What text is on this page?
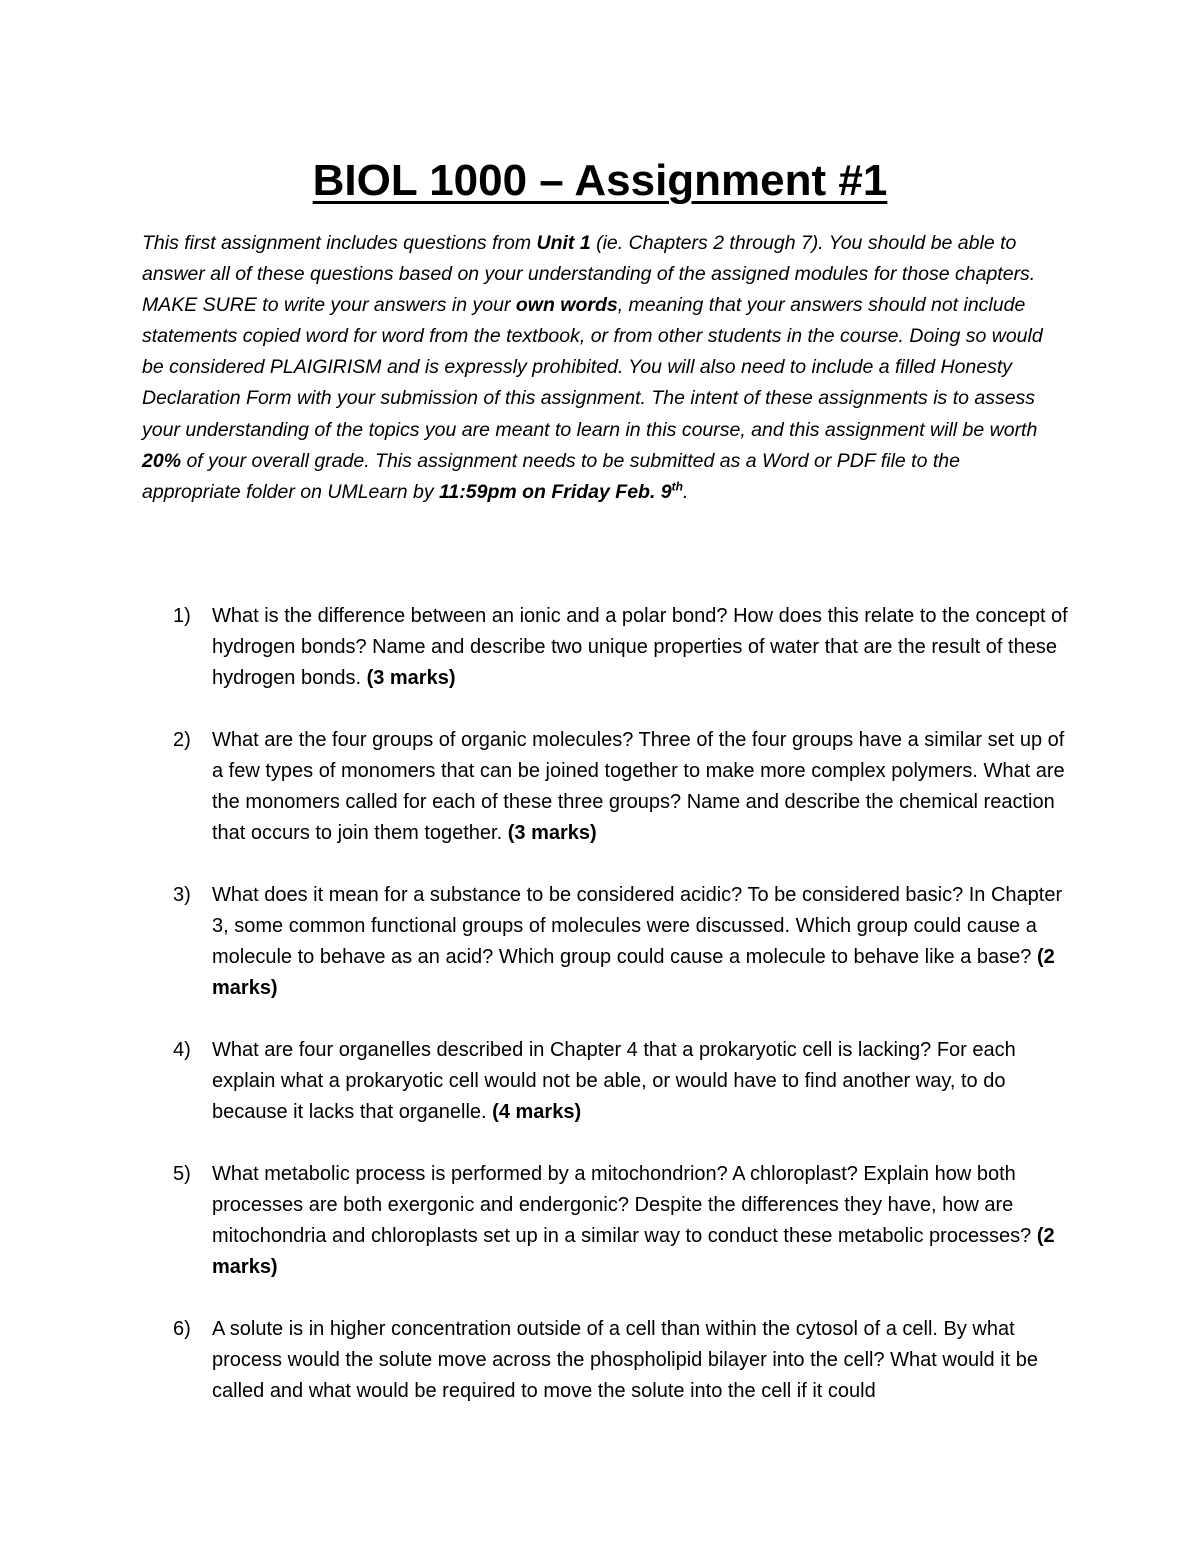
BIOL 1000 – Assignment #1

This first assignment includes questions from Unit 1 (ie. Chapters 2 through 7). You should be able to answer all of these questions based on your understanding of the assigned modules for those chapters. MAKE SURE to write your answers in your own words, meaning that your answers should not include statements copied word for word from the textbook, or from other students in the course. Doing so would be considered PLAIGIRISM and is expressly prohibited. You will also need to include a filled Honesty Declaration Form with your submission of this assignment. The intent of these assignments is to assess your understanding of the topics you are meant to learn in this course, and this assignment will be worth 20% of your overall grade. This assignment needs to be submitted as a Word or PDF file to the appropriate folder on UMLearn by 11:59pm on Friday Feb. 9th.

1) What is the difference between an ionic and a polar bond? How does this relate to the concept of hydrogen bonds? Name and describe two unique properties of water that are the result of these hydrogen bonds. (3 marks)
2) What are the four groups of organic molecules? Three of the four groups have a similar set up of a few types of monomers that can be joined together to make more complex polymers. What are the monomers called for each of these three groups? Name and describe the chemical reaction that occurs to join them together. (3 marks)
3) What does it mean for a substance to be considered acidic? To be considered basic? In Chapter 3, some common functional groups of molecules were discussed. Which group could cause a molecule to behave as an acid? Which group could cause a molecule to behave like a base? (2 marks)
4) What are four organelles described in Chapter 4 that a prokaryotic cell is lacking? For each explain what a prokaryotic cell would not be able, or would have to find another way, to do because it lacks that organelle. (4 marks)
5) What metabolic process is performed by a mitochondrion? A chloroplast? Explain how both processes are both exergonic and endergonic? Despite the differences they have, how are mitochondria and chloroplasts set up in a similar way to conduct these metabolic processes? (2 marks)
6) A solute is in higher concentration outside of a cell than within the cytosol of a cell. By what process would the solute move across the phospholipid bilayer into the cell? What would it be called and what would be required to move the solute into the cell if it could
